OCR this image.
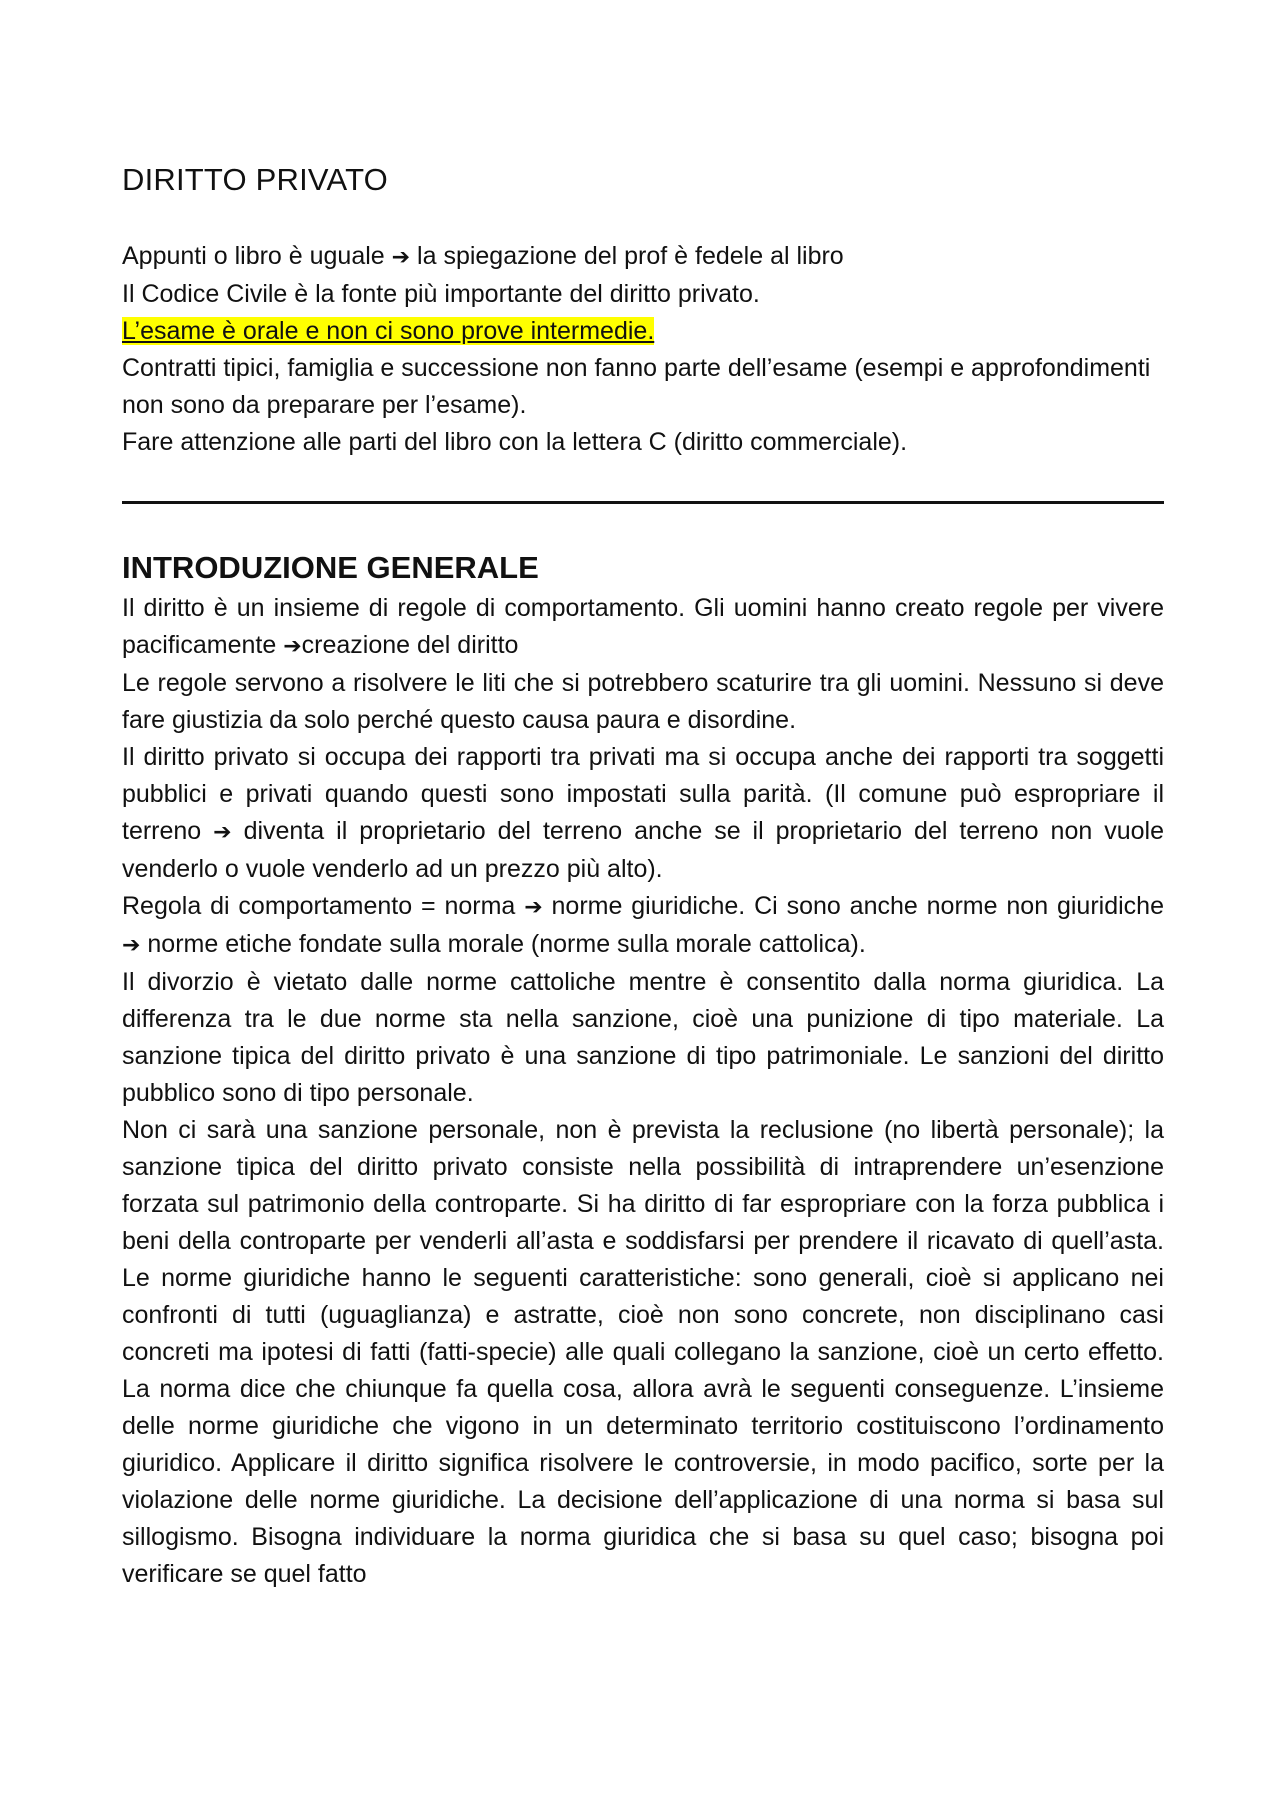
DIRITTO PRIVATO

Appunti o libro è uguale ➔ la spiegazione del prof è fedele al libro

Il Codice Civile è la fonte più importante del diritto privato.

L’esame è orale e non ci sono prove intermedie.

Contratti tipici, famiglia e successione non fanno parte dell’esame (esempi e approfondimenti non sono da preparare per l’esame).

Fare attenzione alle parti del libro con la lettera C (diritto commerciale).

INTRODUZIONE GENERALE

Il diritto è un insieme di regole di comportamento. Gli uomini hanno creato regole per vivere pacificamente ➔creazione del diritto

Le regole servono a risolvere le liti che si potrebbero scaturire tra gli uomini. Nessuno si deve fare giustizia da solo perché questo causa paura e disordine.

Il diritto privato si occupa dei rapporti tra privati ma si occupa anche dei rapporti tra soggetti pubblici e privati quando questi sono impostati sulla parità. (Il comune può espropriare il terreno ➔ diventa il proprietario del terreno anche se il proprietario del terreno non vuole venderlo o vuole venderlo ad un prezzo più alto).

Regola di comportamento = norma ➔ norme giuridiche. Ci sono anche norme non giuridiche ➔ norme etiche fondate sulla morale (norme sulla morale cattolica).

Il divorzio è vietato dalle norme cattoliche mentre è consentito dalla norma giuridica. La differenza tra le due norme sta nella sanzione, cioè una punizione di tipo materiale. La sanzione tipica del diritto privato è una sanzione di tipo patrimoniale. Le sanzioni del diritto pubblico sono di tipo personale.

Non ci sarà una sanzione personale, non è prevista la reclusione (no libertà personale); la sanzione tipica del diritto privato consiste nella possibilità di intraprendere un’esenzione forzata sul patrimonio della controparte. Si ha diritto di far espropriare con la forza pubblica i beni della controparte per venderli all’asta e soddisfarsi per prendere il ricavato di quell’asta. Le norme giuridiche hanno le seguenti caratteristiche: sono generali, cioè si applicano nei confronti di tutti (uguaglianza) e astratte, cioè non sono concrete, non disciplinano casi concreti ma ipotesi di fatti (fatti-specie) alle quali collegano la sanzione, cioè un certo effetto. La norma dice che chiunque fa quella cosa, allora avrà le seguenti conseguenze. L’insieme delle norme giuridiche che vigono in un determinato territorio costituiscono l’ordinamento giuridico. Applicare il diritto significa risolvere le controversie, in modo pacifico, sorte per la violazione delle norme giuridiche. La decisione dell’applicazione di una norma si basa sul sillogismo. Bisogna individuare la norma giuridica che si basa su quel caso; bisogna poi verificare se quel fatto
